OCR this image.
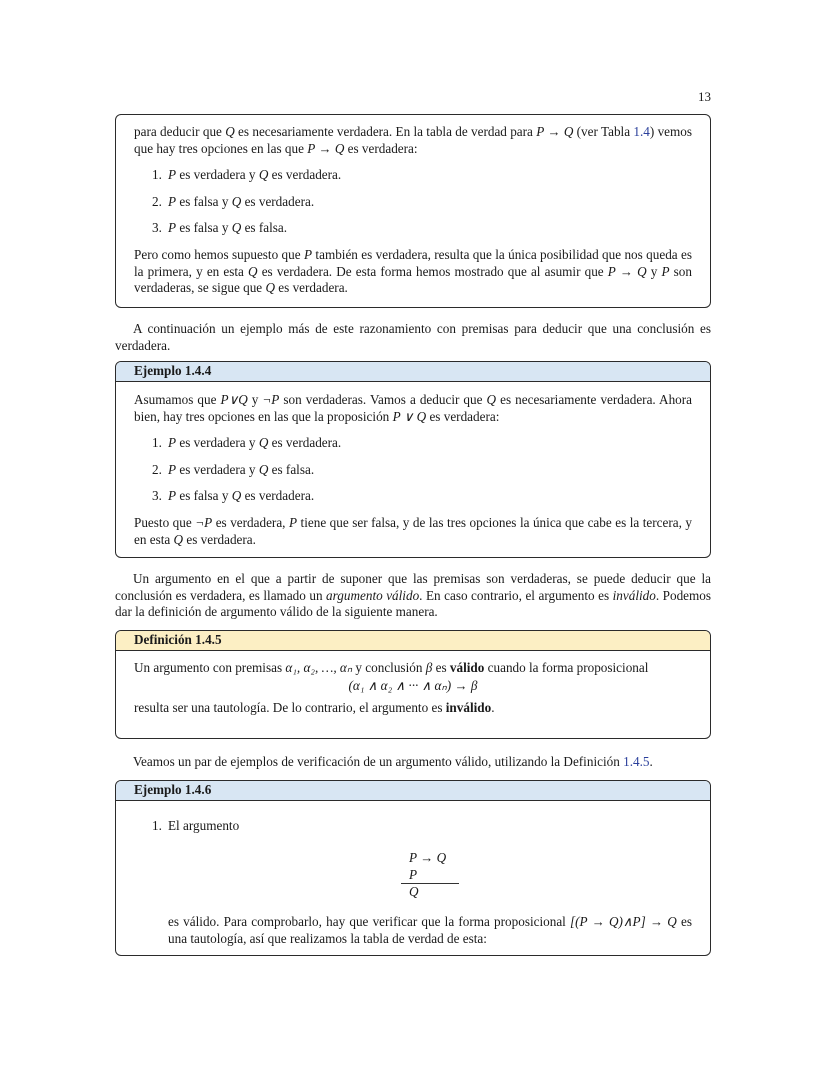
13

para deducir que Q es necesariamente verdadera. En la tabla de verdad para P → Q (ver Tabla 1.4) vemos que hay tres opciones en las que P → Q es verdadera:

1. P es verdadera y Q es verdadera.
2. P es falsa y Q es verdadera.
3. P es falsa y Q es falsa.

Pero como hemos supuesto que P también es verdadera, resulta que la única posibilidad que nos queda es la primera, y en esta Q es verdadera. De esta forma hemos mostrado que al asumir que P → Q y P son verdaderas, se sigue que Q es verdadera.

A continuación un ejemplo más de este razonamiento con premisas para deducir que una conclusión es verdadera.

Ejemplo 1.4.4

Asumamos que P∨Q y ¬P son verdaderas. Vamos a deducir que Q es necesariamente verdadera. Ahora bien, hay tres opciones en las que la proposición P ∨ Q es verdadera:

1. P es verdadera y Q es verdadera.
2. P es verdadera y Q es falsa.
3. P es falsa y Q es verdadera.

Puesto que ¬P es verdadera, P tiene que ser falsa, y de las tres opciones la única que cabe es la tercera, y en esta Q es verdadera.

Un argumento en el que a partir de suponer que las premisas son verdaderas, se puede deducir que la conclusión es verdadera, es llamado un argumento válido. En caso contrario, el argumento es inválido. Podemos dar la definición de argumento válido de la siguiente manera.

Definición 1.4.5

Un argumento con premisas α₁, α₂, …, αₙ y conclusión β es válido cuando la forma proposicional

(α₁ ∧ α₂ ∧ ··· ∧ αₙ) → β

resulta ser una tautología. De lo contrario, el argumento es inválido.

Veamos un par de ejemplos de verificación de un argumento válido, utilizando la Definición 1.4.5.

Ejemplo 1.4.6
1. El argumento
P → Q
P
Q

es válido. Para comprobarlo, hay que verificar que la forma proposicional [(P → Q)∧P] → Q es una tautología, así que realizamos la tabla de verdad de esta:
